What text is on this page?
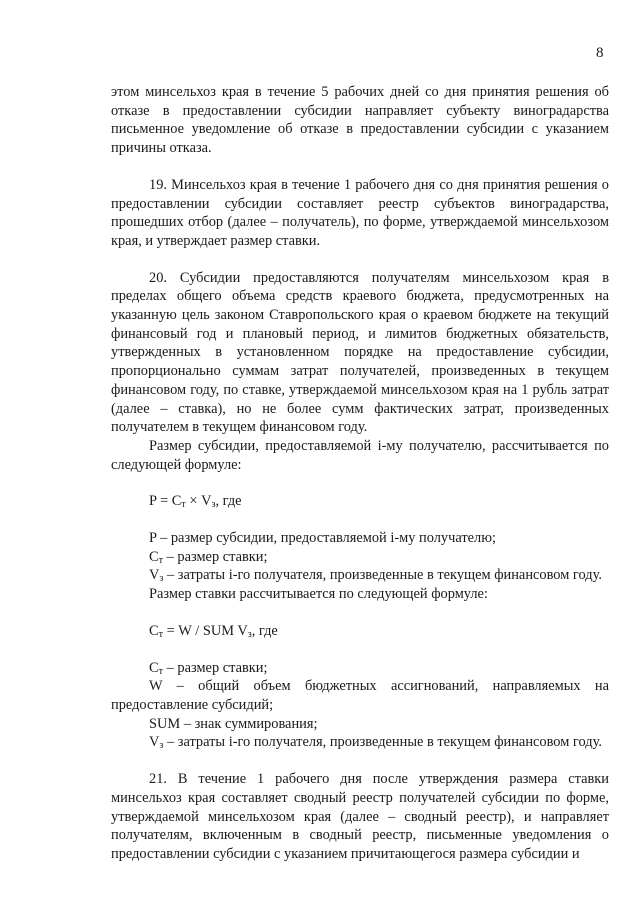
8

этом минсельхоз края в течение 5 рабочих дней со дня принятия решения об отказе в предоставлении субсидии направляет субъекту виноградарства письменное уведомление об отказе в предоставлении субсидии с указанием причины отказа.

19. Минсельхоз края в течение 1 рабочего дня со дня принятия решения о предоставлении субсидии составляет реестр субъектов виноградарства, прошедших отбор (далее – получатель), по форме, утверждаемой минсельхозом края, и утверждает размер ставки.

20. Субсидии предоставляются получателям минсельхозом края в пределах общего объема средств краевого бюджета, предусмотренных на указанную цель законом Ставропольского края о краевом бюджете на текущий финансовый год и плановый период, и лимитов бюджетных обязательств, утвержденных в установленном порядке на предоставление субсидии, пропорционально суммам затрат получателей, произведенных в текущем финансовом году, по ставке, утверждаемой минсельхозом края на 1 рубль затрат (далее – ставка), но не более сумм фактических затрат, произведенных получателем в текущем финансовом году.

Размер субсидии, предоставляемой i-му получателю, рассчитывается по следующей формуле:

$P = C_т \times V_з$, где

P – размер субсидии, предоставляемой i-му получателю;

$C_т$ – размер ставки;

$V_з$ – затраты i-го получателя, произведенные в текущем финансовом году.

Размер ставки рассчитывается по следующей формуле:

$C_т = W$ / SUM $V_з$, где

$C_т$ – размер ставки;

W – общий объем бюджетных ассигнований, направляемых на предоставление субсидий;

SUM – знак суммирования;

$V_з$ – затраты i-го получателя, произведенные в текущем финансовом году.

21. В течение 1 рабочего дня после утверждения размера ставки минсельхоз края составляет сводный реестр получателей субсидии по форме, утверждаемой минсельхозом края (далее – сводный реестр), и направляет получателям, включенным в сводный реестр, письменные уведомления о предоставлении субсидии с указанием причитающегося размера субсидии и
